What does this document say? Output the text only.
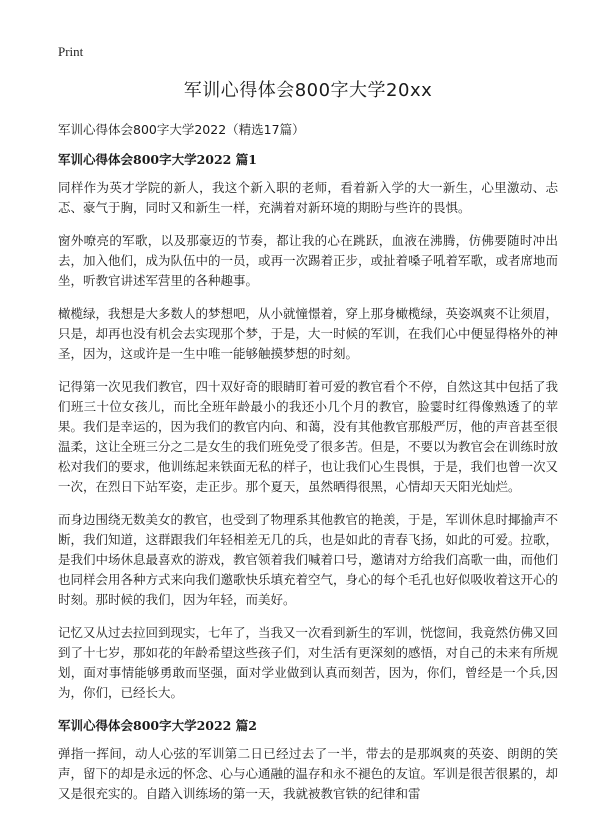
Print
军训心得体会800字大学20xx

军训心得体会800字大学2022（精选17篇）

军训心得体会800字大学2022 篇1

同样作为英才学院的新人，我这个新入职的老师，看着新入学的大一新生，心里激动、忐忑、豪气于胸，同时又和新生一样，充满着对新环境的期盼与些许的畏惧。

窗外嘹亮的军歌，以及那豪迈的节奏，都让我的心在跳跃，血液在沸腾，仿佛要随时冲出去，加入他们，成为队伍中的一员，或再一次踢着正步，或扯着嗓子吼着军歌，或者席地而坐，听教官讲述军营里的各种趣事。

橄榄绿，我想是大多数人的梦想吧，从小就憧憬着，穿上那身橄榄绿，英姿飒爽不让须眉，只是，却再也没有机会去实现那个梦，于是，大一时候的军训，在我们心中便显得格外的神圣，因为，这或许是一生中唯一能够触摸梦想的时刻。

记得第一次见我们教官，四十双好奇的眼睛盯着可爱的教官看个不停，自然这其中包括了我们班三十位女孩儿，而比全班年龄最小的我还小几个月的教官，脸霎时红得像熟透了的苹果。我们是幸运的，因为我们的教官内向、和蔼，没有其他教官那般严厉，他的声音甚至很温柔，这让全班三分之二是女生的我们班免受了很多苦。但是，不要以为教官会在训练时放松对我们的要求，他训练起来铁面无私的样子，也让我们心生畏惧，于是，我们也曾一次又一次，在烈日下站军姿，走正步。那个夏天，虽然晒得很黑，心情却天天阳光灿烂。

而身边围绕无数美女的教官，也受到了物理系其他教官的艳羡，于是，军训休息时揶揄声不断，我们知道，这群跟我们年轻相差无几的兵，也是如此的青春飞扬，如此的可爱。拉歌，是我们中场休息最喜欢的游戏，教官领着我们喊着口号，邀请对方给我们高歌一曲，而他们也同样会用各种方式来向我们邀歌快乐填充着空气，身心的每个毛孔也好似吸收着这开心的时刻。那时候的我们，因为年轻，而美好。

记忆又从过去拉回到现实，七年了，当我又一次看到新生的军训，恍惚间，我竟然仿佛又回到了十七岁，那如花的年龄希望这些孩子们，对生活有更深刻的感悟，对自己的未来有所规划，面对事情能够勇敢而坚强，面对学业做到认真而刻苦，因为，你们，曾经是一个兵,因为，你们，已经长大。

军训心得体会800字大学2022 篇2

弹指一挥间，动人心弦的军训第二日已经过去了一半，带去的是那飒爽的英姿、朗朗的笑声，留下的却是永远的怀念、心与心通融的温存和永不褪色的友谊。军训是很苦很累的，却又是很充实的。自踏入训练场的第一天，我就被教官铁的纪律和雷
